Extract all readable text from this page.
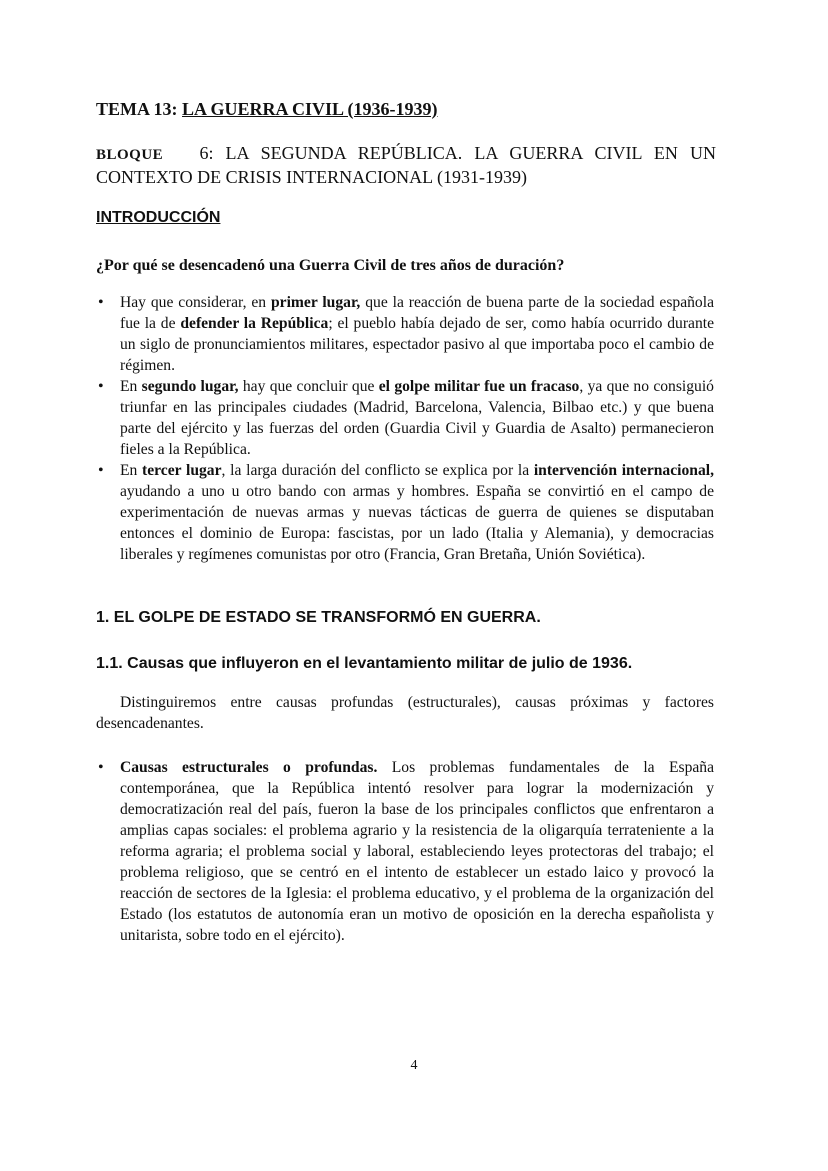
TEMA 13: LA GUERRA CIVIL (1936-1939)

BLOQUE 6: LA SEGUNDA REPÚBLICA. LA GUERRA CIVIL EN UN CONTEXTO DE CRISIS INTERNACIONAL (1931-1939)

INTRODUCCIÓN

¿Por qué se desencadenó una Guerra Civil de tres años de duración?

• Hay que considerar, en primer lugar, que la reacción de buena parte de la sociedad española fue la de defender la República; el pueblo había dejado de ser, como había ocurrido durante un siglo de pronunciamientos militares, espectador pasivo al que importaba poco el cambio de régimen.
• En segundo lugar, hay que concluir que el golpe militar fue un fracaso, ya que no consiguió triunfar en las principales ciudades (Madrid, Barcelona, Valencia, Bilbao etc.) y que buena parte del ejército y las fuerzas del orden (Guardia Civil y Guardia de Asalto) permanecieron fieles a la República.
• En tercer lugar, la larga duración del conflicto se explica por la intervención internacional, ayudando a uno u otro bando con armas y hombres. España se convirtió en el campo de experimentación de nuevas armas y nuevas tácticas de guerra de quienes se disputaban entonces el dominio de Europa: fascistas, por un lado (Italia y Alemania), y democracias liberales y regímenes comunistas por otro (Francia, Gran Bretaña, Unión Soviética).
1. EL GOLPE DE ESTADO SE TRANSFORMÓ EN GUERRA.
1.1. Causas que influyeron en el levantamiento militar de julio de 1936.

Distinguiremos entre causas profundas (estructurales), causas próximas y factores desencadenantes.

• Causas estructurales o profundas. Los problemas fundamentales de la España contemporánea, que la República intentó resolver para lograr la modernización y democratización real del país, fueron la base de los principales conflictos que enfrentaron a amplias capas sociales: el problema agrario y la resistencia de la oligarquía terrateniente a la reforma agraria; el problema social y laboral, estableciendo leyes protectoras del trabajo; el problema religioso, que se centró en el intento de establecer un estado laico y provocó la reacción de sectores de la Iglesia: el problema educativo, y el problema de la organización del Estado (los estatutos de autonomía eran un motivo de oposición en la derecha españolista y unitarista, sobre todo en el ejército).

4
